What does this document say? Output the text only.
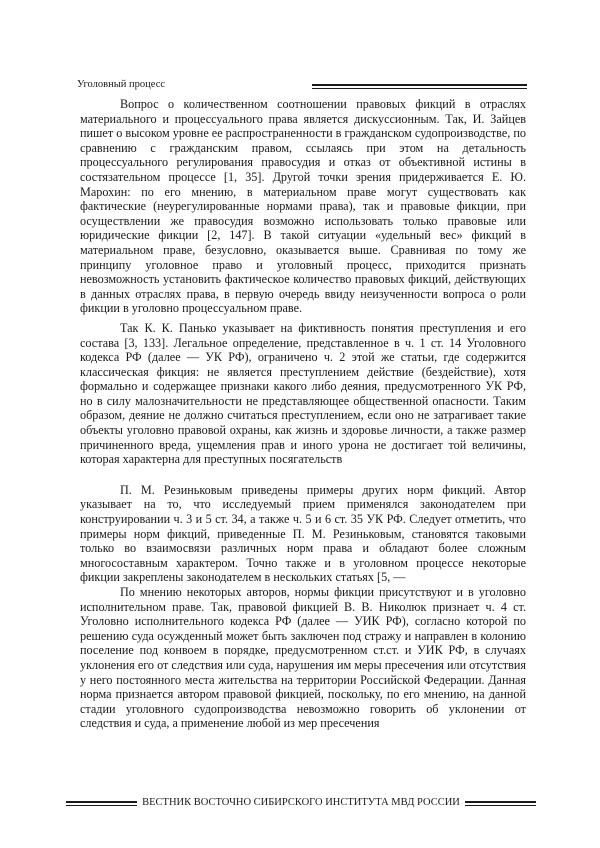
Уголовный процесс

Вопрос о количественном соотношении правовых фикций в отраслях материального и процессуального права является дискуссионным. Так, И. Зайцев пишет о высоком уровне ее распространенности в гражданском судопроизводстве, по сравнению с гражданским правом, ссылаясь при этом на детальность процессуального регулирования правосудия и отказ от объективной истины в состязательном процессе [1, 35]. Другой точки зрения придерживается Е. Ю. Марохин: по его мнению, в материальном праве могут существовать как фактические (неурегулированные нормами права), так и правовые фикции, при осуществлении же правосудия возможно использовать только правовые или юридические фикции [2, 147]. В такой ситуации «удельный вес» фикций в материальном праве, безусловно, оказывается выше. Сравнивая по тому же принципу уголовное право и уголовный процесс, приходится признать невозможность установить фактическое количество правовых фикций, действующих в данных отраслях права, в первую очередь ввиду неизученности вопроса о роли фикции в уголовно процессуальном праве.

Так К. К. Панько указывает на фиктивность понятия преступления и его состава [3, 133]. Легальное определение, представленное в ч. 1 ст. 14 Уголовного кодекса РФ (далее — УК РФ), ограничено ч. 2 этой же статьи, где содержится классическая фикция: не является преступлением действие (бездействие), хотя формально и содержащее признаки какого либо деяния, предусмотренного УК РФ, но в силу малозначительности не представляющее общественной опасности. Таким образом, деяние не должно считаться преступлением, если оно не затрагивает такие объекты уголовно правовой охраны, как жизнь и здоровье личности, а также размер причиненного вреда, ущемления прав и иного урона не достигает той величины, которая характерна для преступных посягательств

П. М. Резиньковым приведены примеры других норм фикций. Автор указывает на то, что исследуемый прием применялся законодателем при конструировании ч. 3 и 5 ст. 34, а также ч. 5 и 6 ст. 35 УК РФ. Следует отметить, что примеры норм фикций, приведенные П. М. Резиньковым, становятся таковыми только во взаимосвязи различных норм права и обладают более сложным многосоставным характером. Точно также и в уголовном процессе некоторые фикции закреплены законодателем в нескольких статьях [5, —

По мнению некоторых авторов, нормы фикции присутствуют и в уголовно исполнительном праве. Так, правовой фикцией В. В. Николюк признает ч. 4 ст. Уголовно исполнительного кодекса РФ (далее — УИК РФ), согласно которой по решению суда осужденный может быть заключен под стражу и направлен в колонию поселение под конвоем в порядке, предусмотренном ст.ст. и УИК РФ, в случаях уклонения его от следствия или суда, нарушения им меры пресечения или отсутствия у него постоянного места жительства на территории Российской Федерации. Данная норма признается автором правовой фикцией, поскольку, по его мнению, на данной стадии уголовного судопроизводства невозможно говорить об уклонении от следствия и суда, а применение любой из мер пресечения

ВЕСТНИК ВОСТОЧНО СИБИРСКОГО ИНСТИТУТА МВД РОССИИ
